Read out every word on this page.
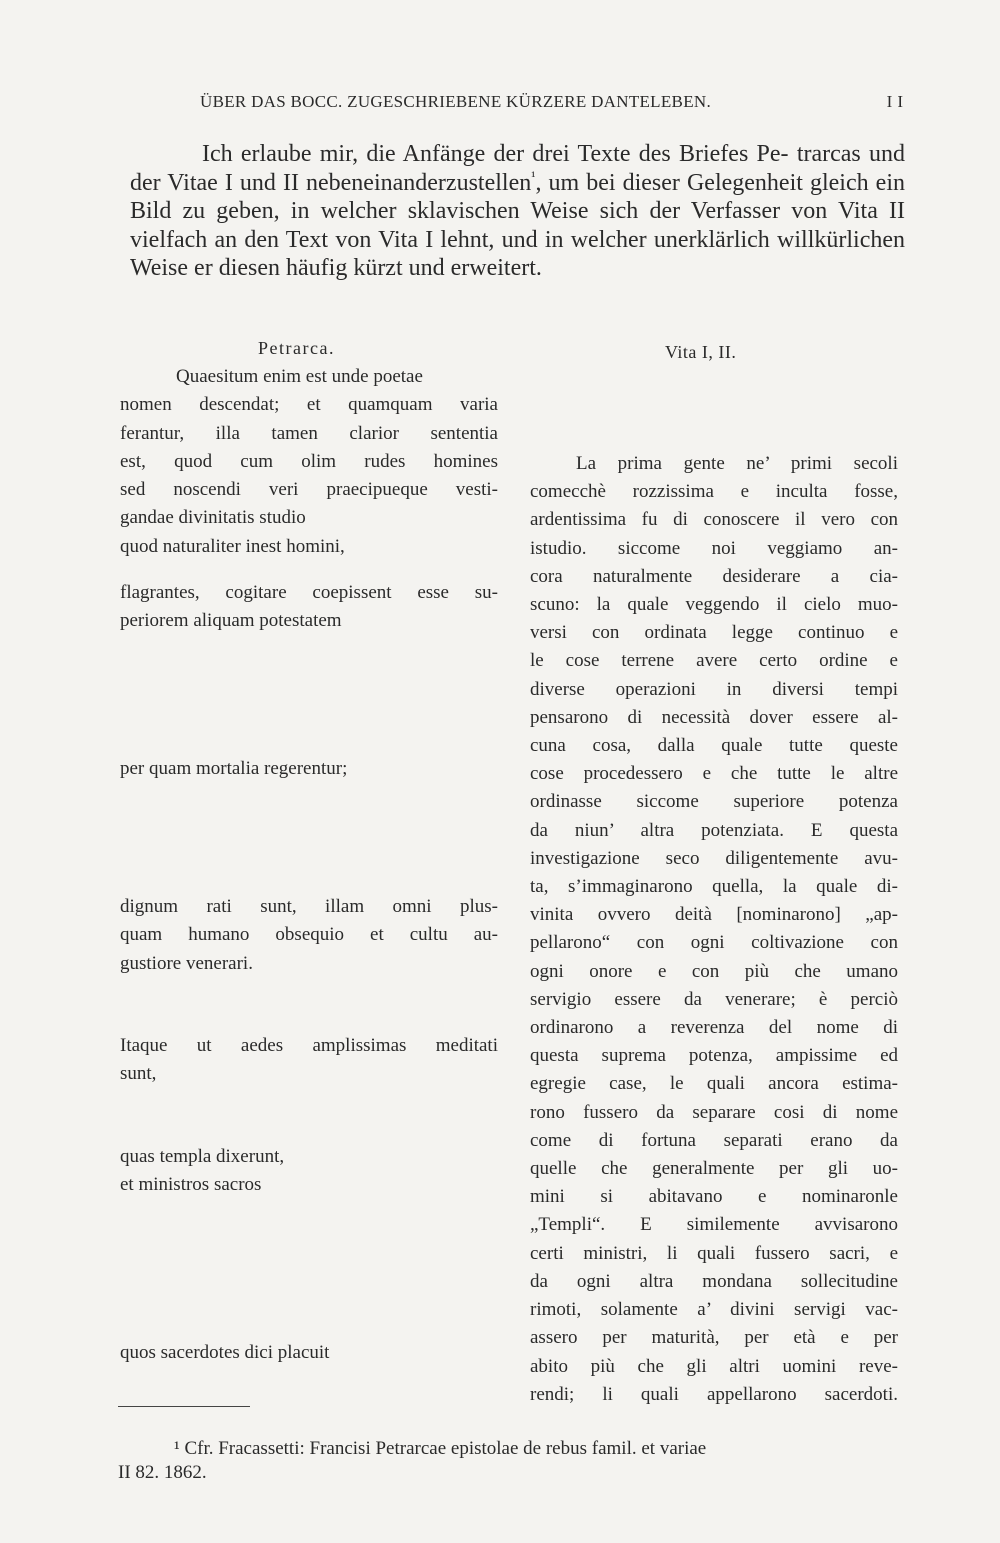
ÜBER DAS BOCC. ZUGESCHRIEBENE KÜRZERE DANTELEBEN.	II

Ich erlaube mir, die Anfänge der drei Texte des Briefes Pe- trarcas und der Vitae I und II nebeneinanderzustellen$^{^1}$, um bei dieser Gelegenheit gleich ein Bild zu geben, in welcher sklavischen Weise sich der Verfasser von Vita II vielfach an den Text von Vita I lehnt, und in welcher unerklärlich willkürlichen Weise er diesen häufig kürzt und erweitert.

Petrarca.	Vita I, II.
Quaesitum enim est unde poetae
nomen descendat; et quamquam varia
ferantur, illa tamen clarior sententia
est, quod cum olim rudes homines
sed noscendi veri praecipueque vesti-
gandae divinitatis studio
quod naturaliter inest homini,
flagrantes, cogitare coepissent esse su-
periorem aliquam potestatem
per quam mortalia regerentur;
dignum rati sunt, illam omni plus-
quam humano obsequio et cultu au-
gustiore venerari.
Itaque ut aedes amplissimas meditati
sunt,
quas templa dixerunt,
et ministros sacros
quos sacerdotes dici placuit
La prima gente ne’ primi secoli
comecchè rozzissima e inculta fosse,
ardentissima fu di conoscere il vero con
istudio. siccome noi veggiamo an-
cora naturalmente desiderare a cia-
scuno: la quale veggendo il cielo muo-
versi con ordinata legge continuo e
le cose terrene avere certo ordine e
diverse operazioni in diversi tempi
pensarono di necessità dover essere al-
cuna cosa, dalla quale tutte queste
cose procedessero e che tutte le altre
ordinasse siccome superiore potenza
da niun’ altra potenziata. E questa
investigazione seco diligentemente avu-
ta, s’immaginarono quella, la quale di-
vinita ovvero deità [nominarono] „ap-
pellarono“ con ogni coltivazione con
ogni onore e con più che umano
servigio essere da venerare; è perciò
ordinarono a reverenza del nome di
questa suprema potenza, ampissime ed
egregie case, le quali ancora estima-
rono fussero da separare cosi di nome
come di fortuna separati erano da
quelle che generalmente per gli uo-
mini si abitavano e nominaronle
„Templi“. E similemente avvisarono
certi ministri, li quali fussero sacri, e
da ogni altra mondana sollecitudine
rimoti, solamente a’ divini servigi vac-
assero per maturità, per età e per
abito più che gli altri uomini reve-
rendi; li quali appellarono sacerdoti.
¹ Cfr. Fracassetti: Francisi Petrarcae epistolae de rebus famil. et variae
II 82. 1862.
